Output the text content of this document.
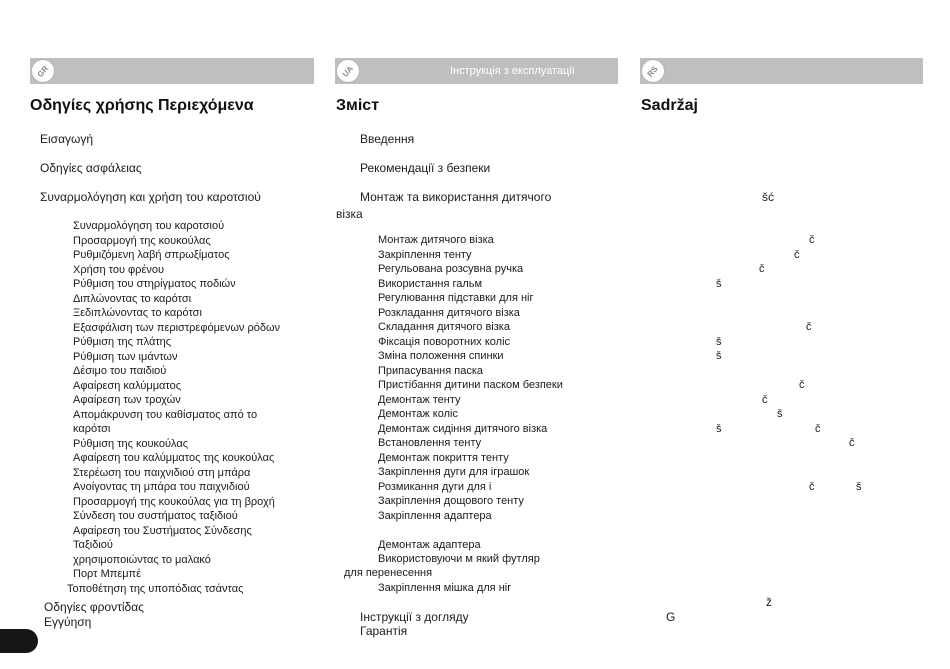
Інструкція з експлуатації
GR	UA	RS
Οδηγίες χρήσης Περιεχόμενα
Εισαγωγή
Οδηγίες ασφάλειας
Συναρμολόγηση και χρήση του καροτσιού
Συναρμολόγηση του καροτσιού
Προσαρμογή της κουκούλας
Ρυθμιζόμενη λαβή σπρωξίματος
Χρήση του φρένου
Ρύθμιση του στηρίγματος ποδιών
Διπλώνοντας το καρότσι
Ξεδιπλώνοντας το καρότσι
Εξασφάλιση των περιστρεφόμενων ρόδων
Ρύθμιση της πλάτης
Ρύθμιση των ιμάντων
Δέσιμο του παιδιού
Αφαίρεση καλύμματος
Αφαίρεση των τροχών
Απομάκρυνση του καθίσματος από το
καρότσι
Ρύθμιση της κουκούλας
Αφαίρεση του καλύμματος της κουκούλας
Στερέωση του παιχνιδιού στη μπάρα
Ανοίγοντας τη μπάρα του παιχνιδιού
Προσαρμογή της κουκούλας για τη βροχή
Σύνδεση του συστήματος ταξιδιού
Αφαίρεση του Συστήματος Σύνδεσης
Ταξιδιού
χρησιμοποιώντας το μαλακό
Πορτ Μπεμπέ
Τοποθέτηση της υποπόδιας τσάντας
Οδηγίες φροντίδας
Εγγύηση
Зміст
Введення
Рекомендації з безпеки
Монтаж та використання дитячого
візка
Монтаж дитячого візка
Закріплення тенту
Регульована розсувна ручка
Використання гальм
Регулювання підставки для ніг
Розкладання дитячого візка
Складання дитячого візка
Фіксація поворотних коліс
Зміна положення спинки
Припасування паска
Пристібання дитини паском безпеки
Демонтаж тенту
Демонтаж коліс
Демонтаж сидіння дитячого візка
Встановлення тенту
Демонтаж покриття тенту
Закріплення дуги для іграшок
Розмикання дуги для і
Закріплення дощового тенту
Закріплення адаптера
Демонтаж адаптера
Використовуючи м який футляр
для перенесення
Закріплення мішка для ніг
Інструкції з догляду
Гарантія
Sadržaj
šć
č
č
č
š
č
š
š
č
č
š
š	č
č
č	š
ž
G
